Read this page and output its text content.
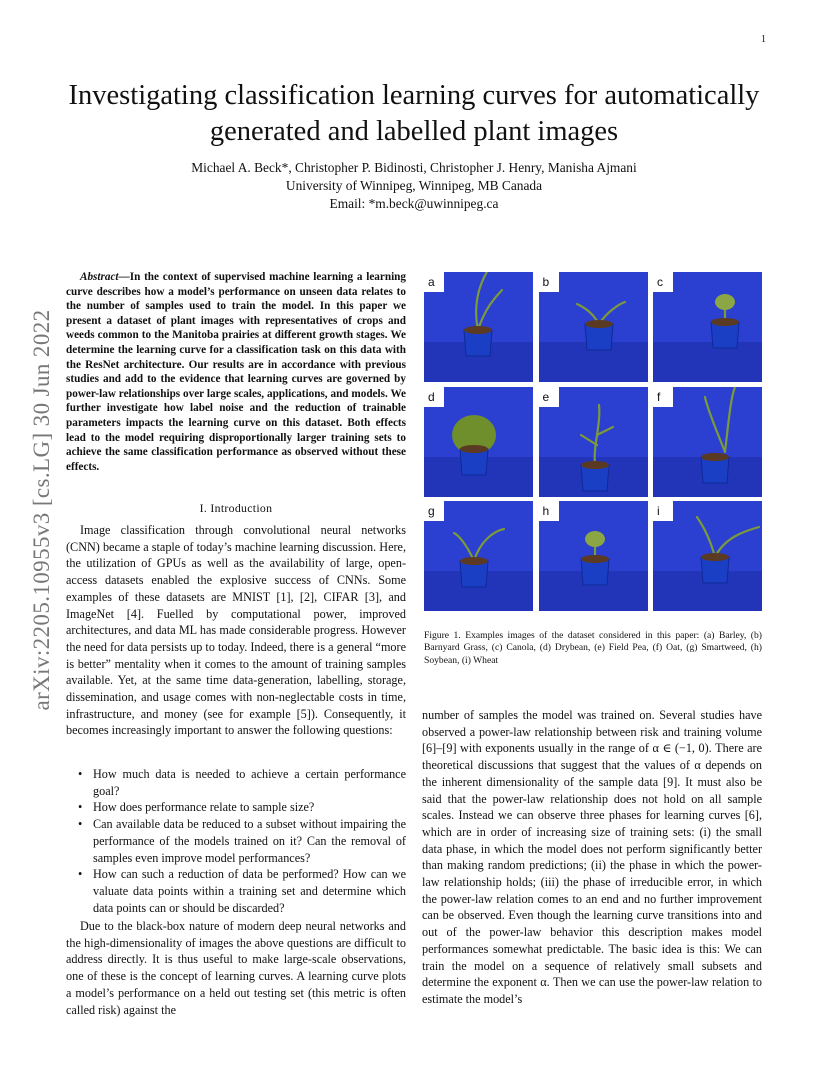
1
Investigating classification learning curves for automatically generated and labelled plant images
Michael A. Beck*, Christopher P. Bidinosti, Christopher J. Henry, Manisha Ajmani
University of Winnipeg, Winnipeg, MB Canada
Email: *m.beck@uwinnipeg.ca
arXiv:2205.10955v3 [cs.LG] 30 Jun 2022
Abstract—In the context of supervised machine learning a learning curve describes how a model’s performance on unseen data relates to the number of samples used to train the model. In this paper we present a dataset of plant images with representatives of crops and weeds common to the Manitoba prairies at different growth stages. We determine the learning curve for a classification task on this data with the ResNet architecture. Our results are in accordance with previous studies and add to the evidence that learning curves are governed by power-law relationships over large scales, applications, and models. We further investigate how label noise and the reduction of trainable parameters impacts the learning curve on this dataset. Both effects lead to the model requiring disproportionally larger training sets to achieve the same classification performance as observed without these effects.
I. Introduction
Image classification through convolutional neural networks (CNN) became a staple of today’s machine learning discussion. Here, the utilization of GPUs as well as the availability of large, open-access datasets enabled the explosive success of CNNs. Some examples of these datasets are MNIST [1], [2], CIFAR [3], and ImageNet [4]. Fuelled by computational power, improved architectures, and data ML has made considerable progress. However the need for data persists up to today. Indeed, there is a general “more is better” mentality when it comes to the amount of training samples available. Yet, at the same time data-generation, labelling, storage, dissemination, and usage comes with non-neglectable costs in time, infrastructure, and money (see for example [5]). Consequently, it becomes increasingly important to answer the following questions:
• How much data is needed to achieve a certain performance goal?
• How does performance relate to sample size?
• Can available data be reduced to a subset without impairing the performance of the models trained on it? Can the removal of samples even improve model performances?
• How can such a reduction of data be performed? How can we valuate data points within a training set and determine which data points can or should be discarded?
Due to the black-box nature of modern deep neural networks and the high-dimensionality of images the above questions are difficult to address directly. It is thus useful to make large-scale observations, one of these is the concept of learning curves. A learning curve plots a model’s performance on a held out testing set (this metric is often called risk) against the
a	b	c
d	e	f
g	h	i
Figure 1. Examples images of the dataset considered in this paper: (a) Barley, (b) Barnyard Grass, (c) Canola, (d) Drybean, (e) Field Pea, (f) Oat, (g) Smartweed, (h) Soybean, (i) Wheat
number of samples the model was trained on. Several studies have observed a power-law relationship between risk and training volume [6]–[9] with exponents usually in the range of α ∈ (−1, 0). There are theoretical discussions that suggest that the values of α depends on the inherent dimensionality of the sample data [9]. It must also be said that the power-law relationship does not hold on all sample scales. Instead we can observe three phases for learning curves [6], which are in order of increasing size of training sets: (i) the small data phase, in which the model does not perform significantly better than making random predictions; (ii) the phase in which the power-law relationship holds; (iii) the phase of irreducible error, in which the power-law relation comes to an end and no further improvement can be observed. Even though the learning curve transitions into and out of the power-law behavior this description makes model performances somewhat predictable. The basic idea is this: We can train the model on a sequence of relatively small subsets and determine the exponent α. Then we can use the power-law relation to estimate the model’s
